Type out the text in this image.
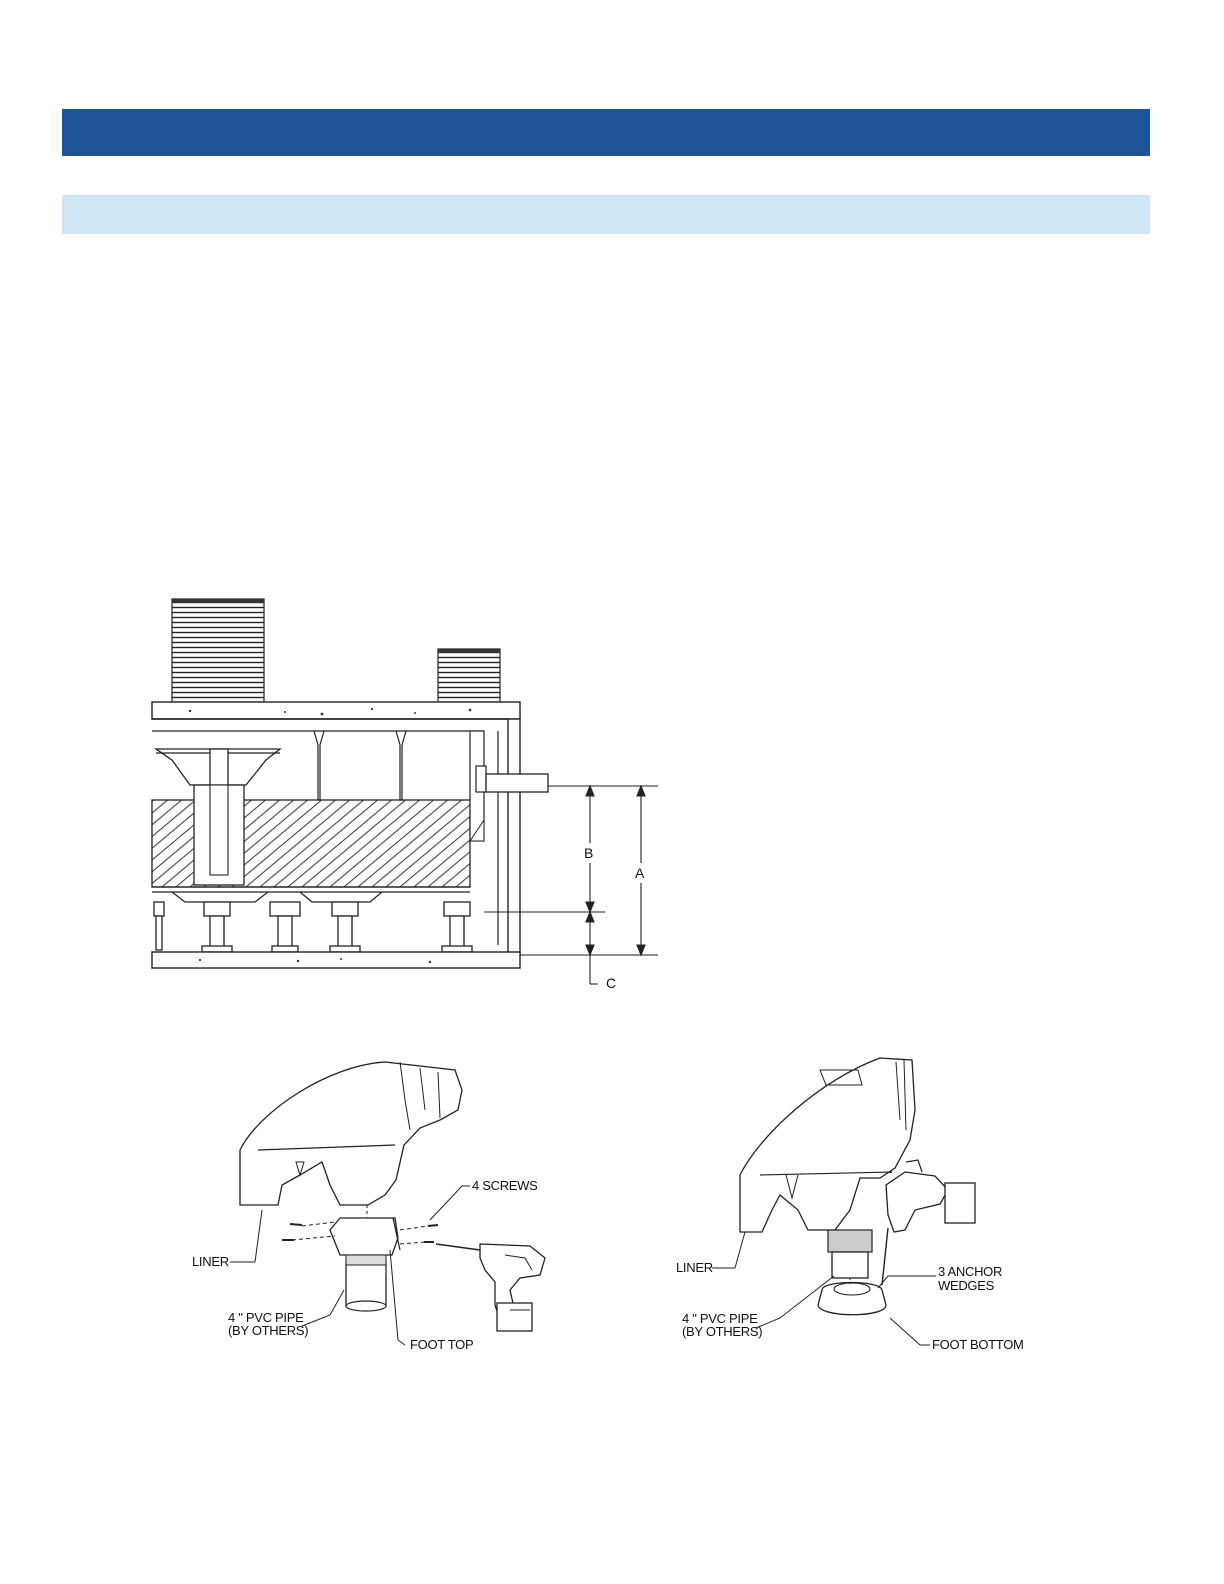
B
A
C
4 SCREWS
LINER
4 " PVC PIPE
(BY OTHERS)
FOOT TOP
LINER	3 ANCHOR
WEDGES
4 " PVC PIPE
(BY OTHERS)
FOOT BOTTOM
